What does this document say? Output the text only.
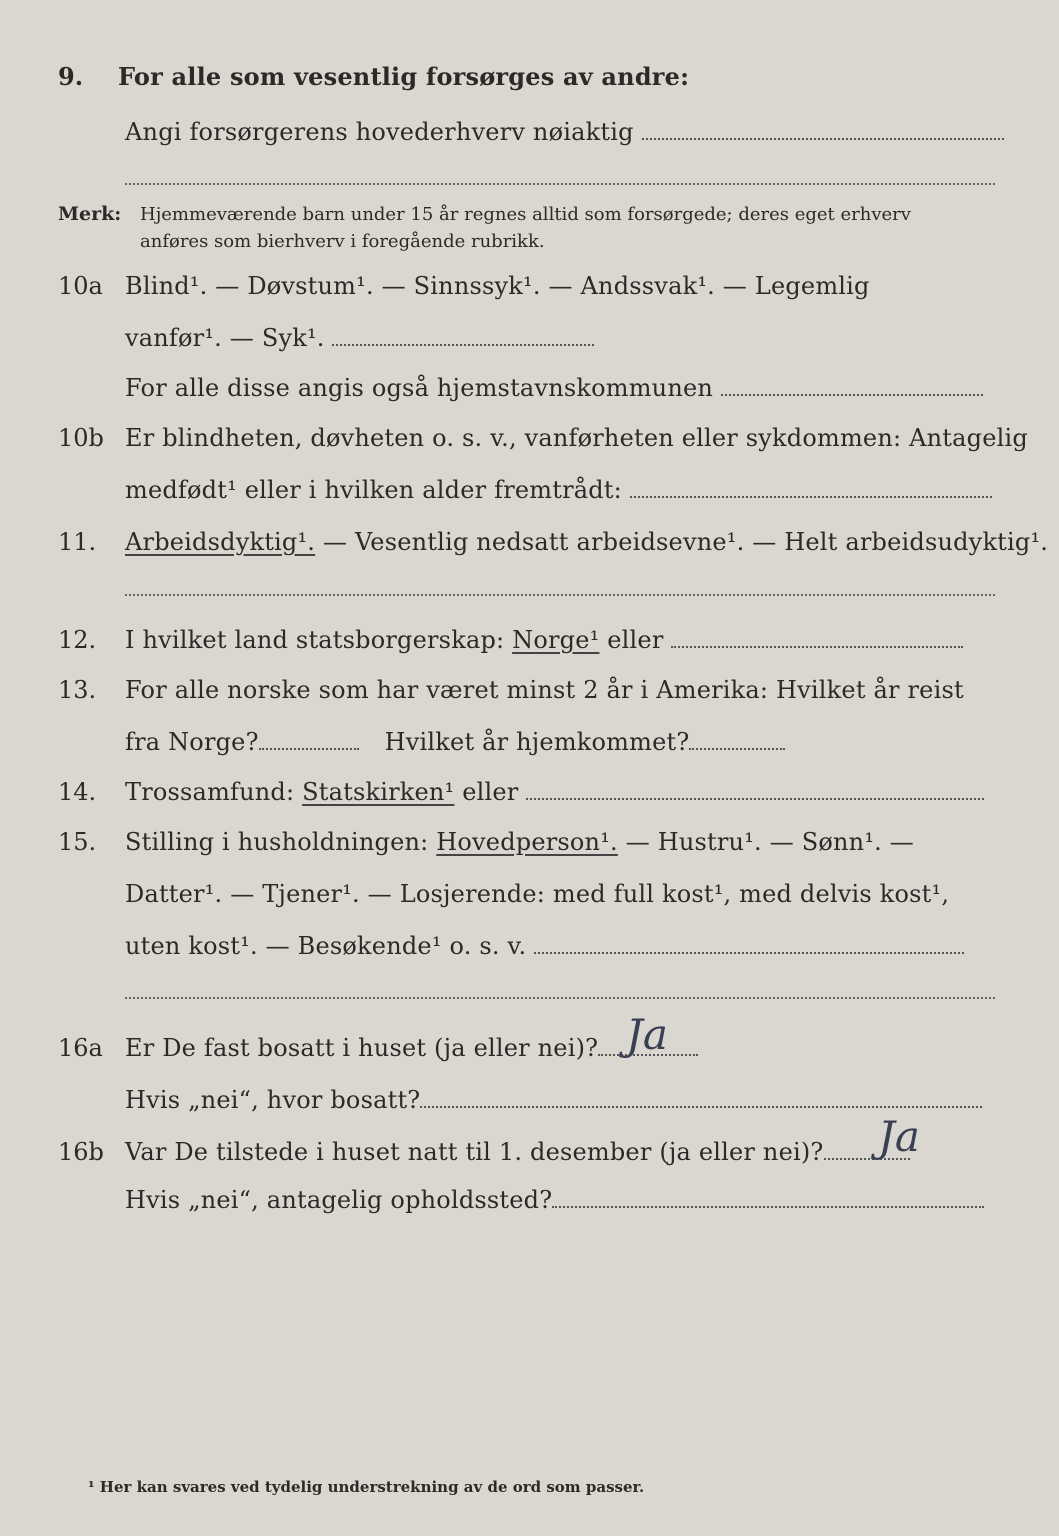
9. For alle som vesentlig forsørges av andre:
Angi forsørgerens hovederhverv nøiaktig
Merk: Hjemmeværende barn under 15 år regnes alltid som forsørgede; deres eget erhverv
anføres som bierhverv i foregående rubrikk.
10a Blind¹. — Døvstum¹. — Sinnssyk¹. — Andssvak¹. — Legemlig
vanfør¹. — Syk¹.
For alle disse angis også hjemstavnskommunen
10b Er blindheten, døvheten o. s. v., vanførheten eller sykdommen: Antagelig
medfødt¹ eller i hvilken alder fremtrådt:
11. Arbeidsdyktig¹. — Vesentlig nedsatt arbeidsevne¹. — Helt arbeidsudyktig¹.
12. I hvilket land statsborgerskap: Norge¹ eller
13. For alle norske som har været minst 2 år i Amerika: Hvilket år reist
fra Norge?	Hvilket år hjemkommet?
14. Trossamfund: Statskirken¹ eller
15. Stilling i husholdningen: Hovedperson¹. — Hustru¹. — Sønn¹. —
Datter¹. — Tjener¹. — Losjerende: med full kost¹, med delvis kost¹,
uten kost¹. — Besøkende¹ o. s. v.
16a Er De fast bosatt i huset (ja eller nei)? Ja
Hvis „nei“, hvor bosatt?
16b Var De tilstede i huset natt til 1. desember (ja eller nei)?	Ja
Hvis „nei“, antagelig opholdssted?
¹ Her kan svares ved tydelig understrekning av de ord som passer.
